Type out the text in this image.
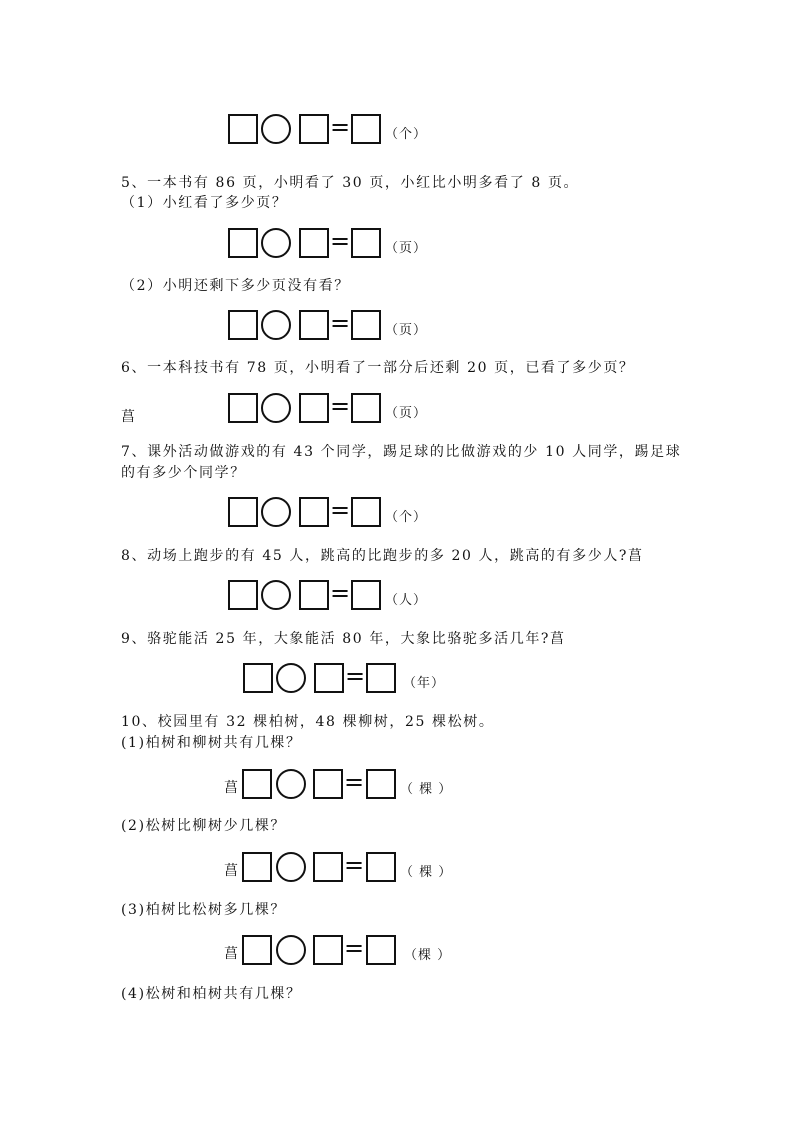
=	（个）
5、一本书有 86 页，小明看了 30 页，小红比小明多看了 8 页。
（1）小红看了多少页？
=	（页）
（2）小明还剩下多少页没有看？
=	（页）
6、一本科技书有 78 页，小明看了一部分后还剩 20 页，已看了多少页？
菖	=	（页）
7、课外活动做游戏的有 43 个同学，踢足球的比做游戏的少 10 人同学，踢足球
的有多少个同学？
=	（个）
8、动场上跑步的有 45 人，跳高的比跑步的多 20 人，跳高的有多少人?菖
=	（人）
9、骆驼能活 25 年，大象能活 80 年，大象比骆驼多活几年?菖
=	（年）
10、校园里有 32 棵柏树，48 棵柳树，25 棵松树。
(1)柏树和柳树共有几棵？
菖	=	（ 棵 ）
(2)松树比柳树少几棵？
菖	=	（ 棵 ）
(3)柏树比松树多几棵？
菖	=	（棵 ）
(4)松树和柏树共有几棵？
